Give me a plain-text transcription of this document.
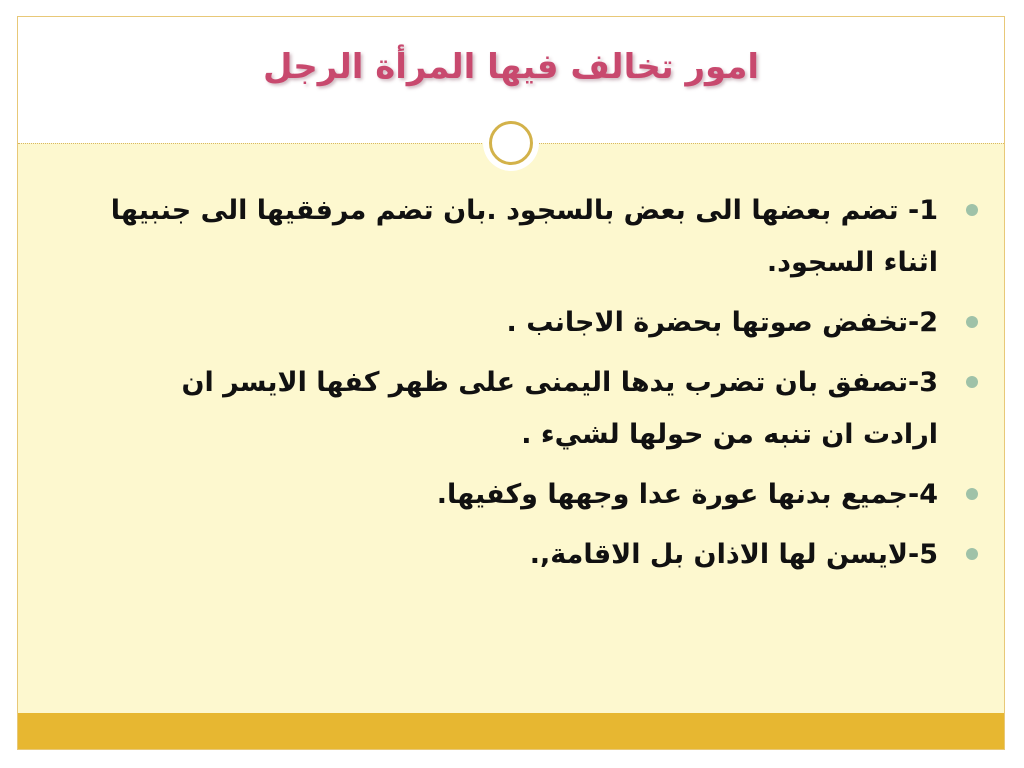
امور تخالف فيها المرأة الرجل
1- تضم بعضها الى بعض بالسجود .بان تضم مرفقيها الى جنبيها اثناء السجود.
2-تخفض صوتها بحضرة الاجانب .
3-تصفق بان تضرب يدها اليمنى على ظهر كفها الايسر ان ارادت ان تنبه من حولها لشيء .
4-جميع بدنها عورة عدا وجهها وكفيها.
5-لايسن لها الاذان بل الاقامة,.
